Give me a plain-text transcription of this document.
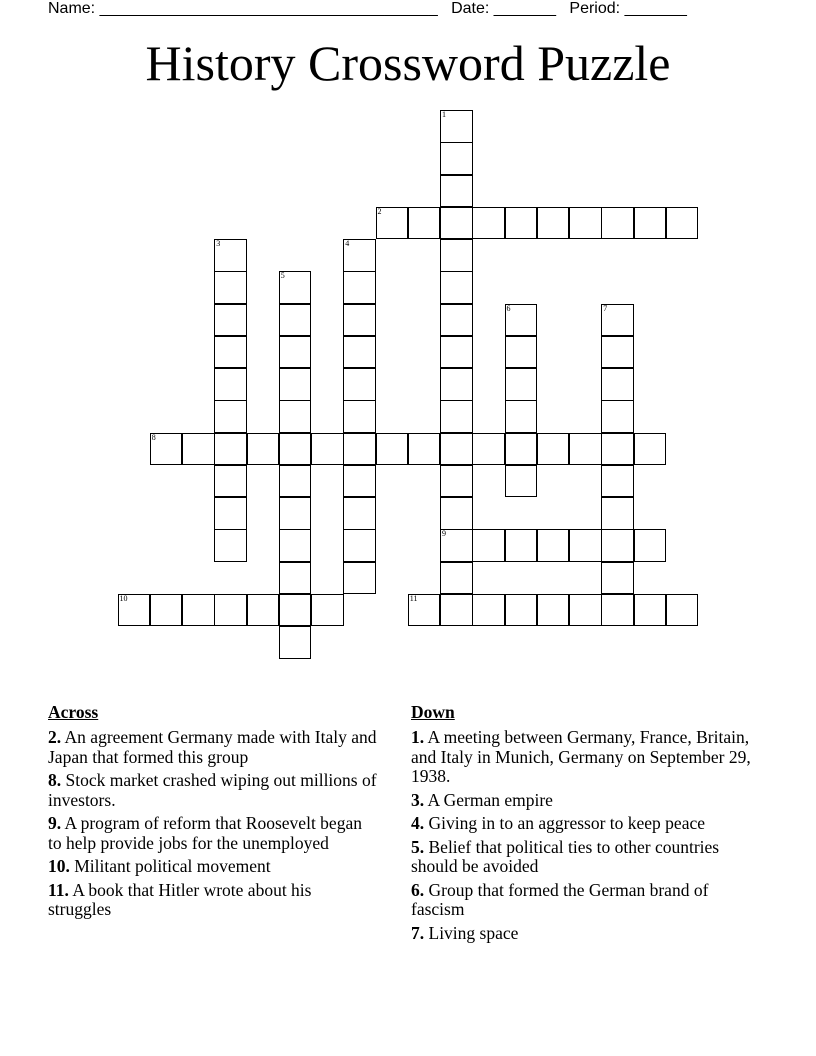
Name: ______________________________________ Date: _______ Period: _______
History Crossword Puzzle
1
9
2
3	4
5
6	7
8
10	11
Across
2. An agreement Germany made with Italy and Japan that formed this group
8. Stock market crashed wiping out millions of investors.
9. A program of reform that Roosevelt began to help provide jobs for the unemployed
10. Militant political movement
11. A book that Hitler wrote about his struggles
Down
1. A meeting between Germany, France, Britain, and Italy in Munich, Germany on September 29, 1938.
3. A German empire
4. Giving in to an aggressor to keep peace
5. Belief that political ties to other countries should be avoided
6. Group that formed the German brand of fascism
7. Living space
